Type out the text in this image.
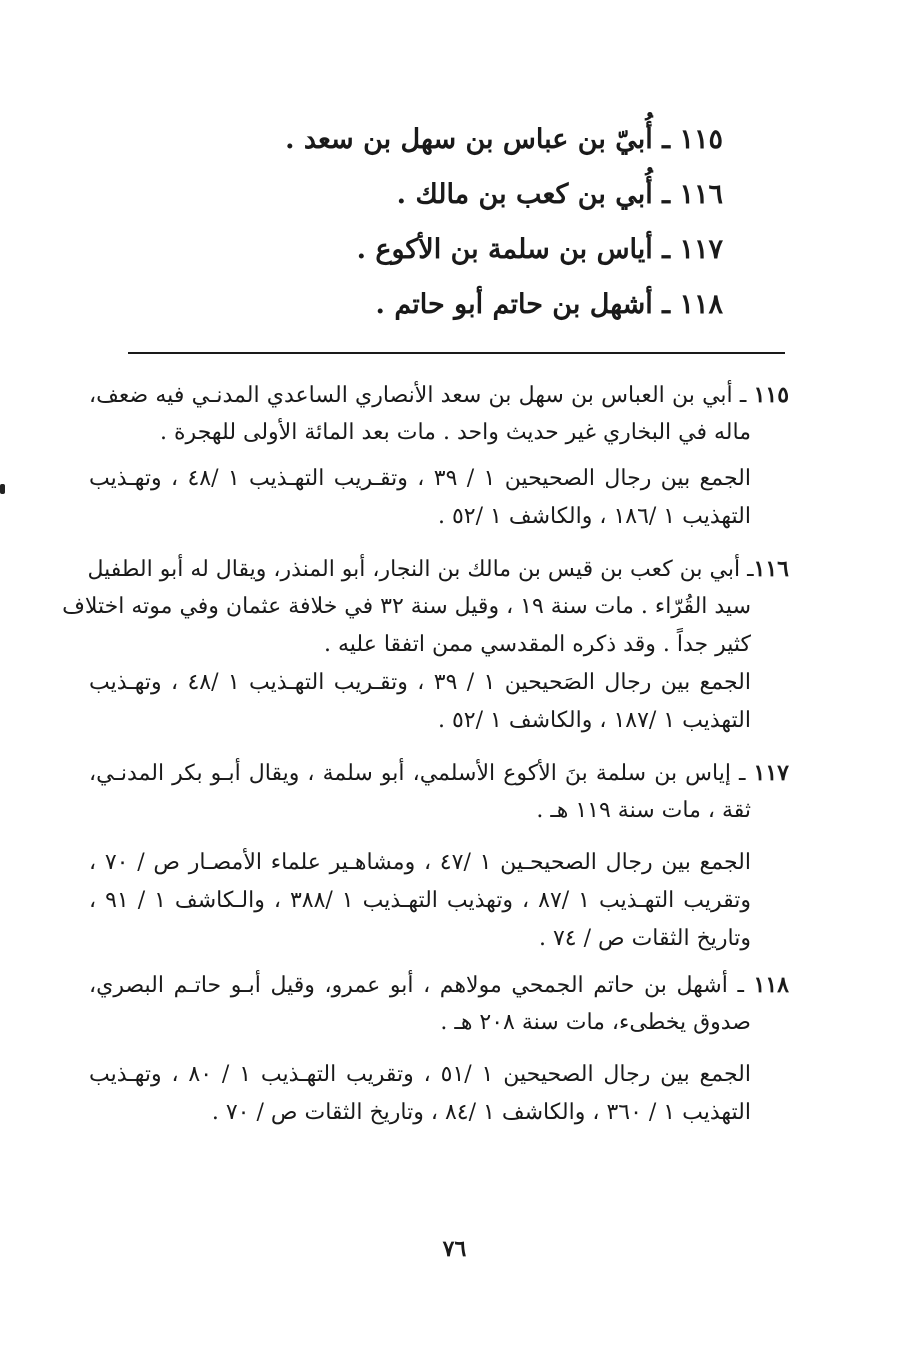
١١٥ ـ أُبيّ بن عباس بن سهل بن سعد .
١١٦ ـ أُبي بن كعب بن مالك .
١١٧ ـ أياس بن سلمة بن الأكوع .
١١٨ ـ أشهل بن حاتم أبو حاتم .
١١٥ ـ أبي بن العباس بن سهل بن سعد الأنصاري الساعدي المدنـي فيه ضعف،
ماله في البخاري غير حديث واحد . مات بعد المائة الأولى للهجرة .
الجمع بين رجال الصحيحين ١ / ٣٩ ، وتقـريب التهـذيب ١ /٤٨ ، وتهـذيب
التهذيب ١ /١٨٦ ، والكاشف ١ /٥٢ .
١١٦ـ أبي بن كعب بن قيس بن مالك بن النجار، أبو المنذر، ويقال له أبو الطفيل
سيد القُرّاء . مات سنة ١٩ ، وقيل سنة ٣٢ في خلافة عثمان وفي موته اختلاف
كثير جداً . وقد ذكره المقدسي ممن اتفقا عليه .
الجمع بين رجال الصَحيحين ١ / ٣٩ ، وتقـريب التهـذيب ١ /٤٨ ، وتهـذيب
التهذيب ١ /١٨٧ ، والكاشف ١ /٥٢ .
١١٧ ـ إياس بن سلمة بنَ الأكوع الأسلمي، أبو سلمة ، ويقال أبـو بكر المدنـي،
ثقة ، مات سنة ١١٩ هـ .
الجمع بين رجال الصحيحـين ١ /٤٧ ، ومشاهـير علماء الأمصـار ص / ٧٠ ،
وتقريب التهـذيب ١ /٨٧ ، وتهذيب التهـذيب ١ /٣٨٨ ، والـكاشف ١ / ٩١ ،
وتاريخ الثقات ص / ٧٤ .
١١٨ ـ أشهل بن حاتم الجمحي مولاهم ، أبو عمرو، وقيل أبـو حاتـم البصري،
صدوق يخطىء، مات سنة ٢٠٨ هـ .
الجمع بين رجال الصحيحين ١ /٥١ ، وتقريب التهـذيب ١ / ٨٠ ، وتهـذيب
التهذيب ١ / ٣٦٠ ، والكاشف ١ /٨٤ ، وتاريخ الثقات ص / ٧٠ .
٧٦
